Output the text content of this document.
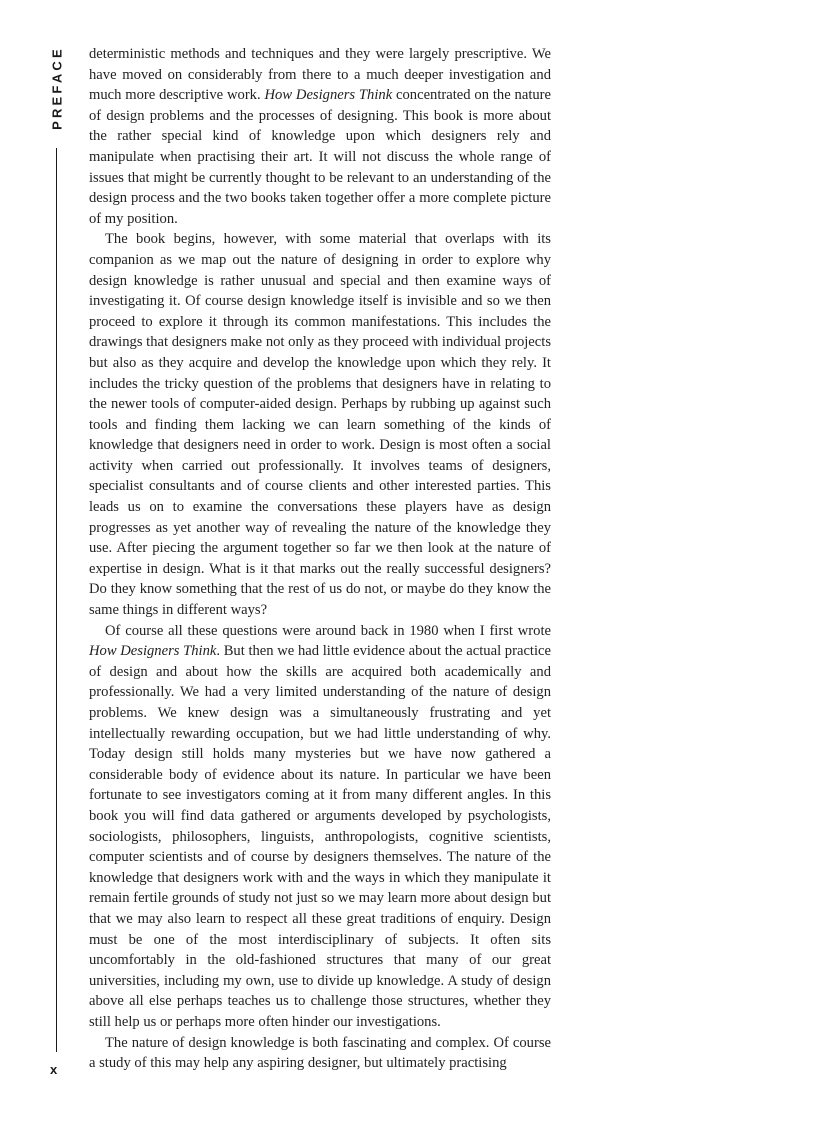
PREFACE deterministic methods and techniques and they were largely prescriptive. We have moved on considerably from there to a much deeper investigation and much more descriptive work. How Designers Think concentrated on the nature of design problems and the processes of designing. This book is more about the rather special kind of knowledge upon which designers rely and manipulate when practising their art. It will not discuss the whole range of issues that might be currently thought to be relevant to an understanding of the design process and the two books taken together offer a more complete picture of my position.

The book begins, however, with some material that overlaps with its companion as we map out the nature of designing in order to explore why design knowledge is rather unusual and special and then examine ways of investigating it. Of course design knowledge itself is invisible and so we then proceed to explore it through its common manifestations. This includes the drawings that designers make not only as they proceed with individual projects but also as they acquire and develop the knowledge upon which they rely. It includes the tricky question of the problems that designers have in relating to the newer tools of computer-aided design. Perhaps by rubbing up against such tools and finding them lacking we can learn something of the kinds of knowledge that designers need in order to work. Design is most often a social activity when carried out professionally. It involves teams of designers, specialist consultants and of course clients and other interested parties. This leads us on to examine the conversations these players have as design progresses as yet another way of revealing the nature of the knowledge they use. After piecing the argument together so far we then look at the nature of expertise in design. What is it that marks out the really successful designers? Do they know something that the rest of us do not, or maybe do they know the same things in different ways?

Of course all these questions were around back in 1980 when I first wrote How Designers Think. But then we had little evidence about the actual practice of design and about how the skills are acquired both academically and professionally. We had a very limited understanding of the nature of design problems. We knew design was a simultaneously frustrating and yet intellectually rewarding occupation, but we had little understanding of why. Today design still holds many mysteries but we have now gathered a considerable body of evidence about its nature. In particular we have been fortunate to see investigators coming at it from many different angles. In this book you will find data gathered or arguments developed by psychologists, sociologists, philosophers, linguists, anthropologists, cognitive scientists, computer scientists and of course by designers themselves. The nature of the knowledge that designers work with and the ways in which they manipulate it remain fertile grounds of study not just so we may learn more about design but that we may also learn to respect all these great traditions of enquiry. Design must be one of the most interdisciplinary of subjects. It often sits uncomfortably in the old-fashioned structures that many of our great universities, including my own, use to divide up knowledge. A study of design above all else perhaps teaches us to challenge those structures, whether they still help us or perhaps more often hinder our investigations.

The nature of design knowledge is both fascinating and complex. Of course a study of this may help any aspiring designer, but ultimately practising

x
